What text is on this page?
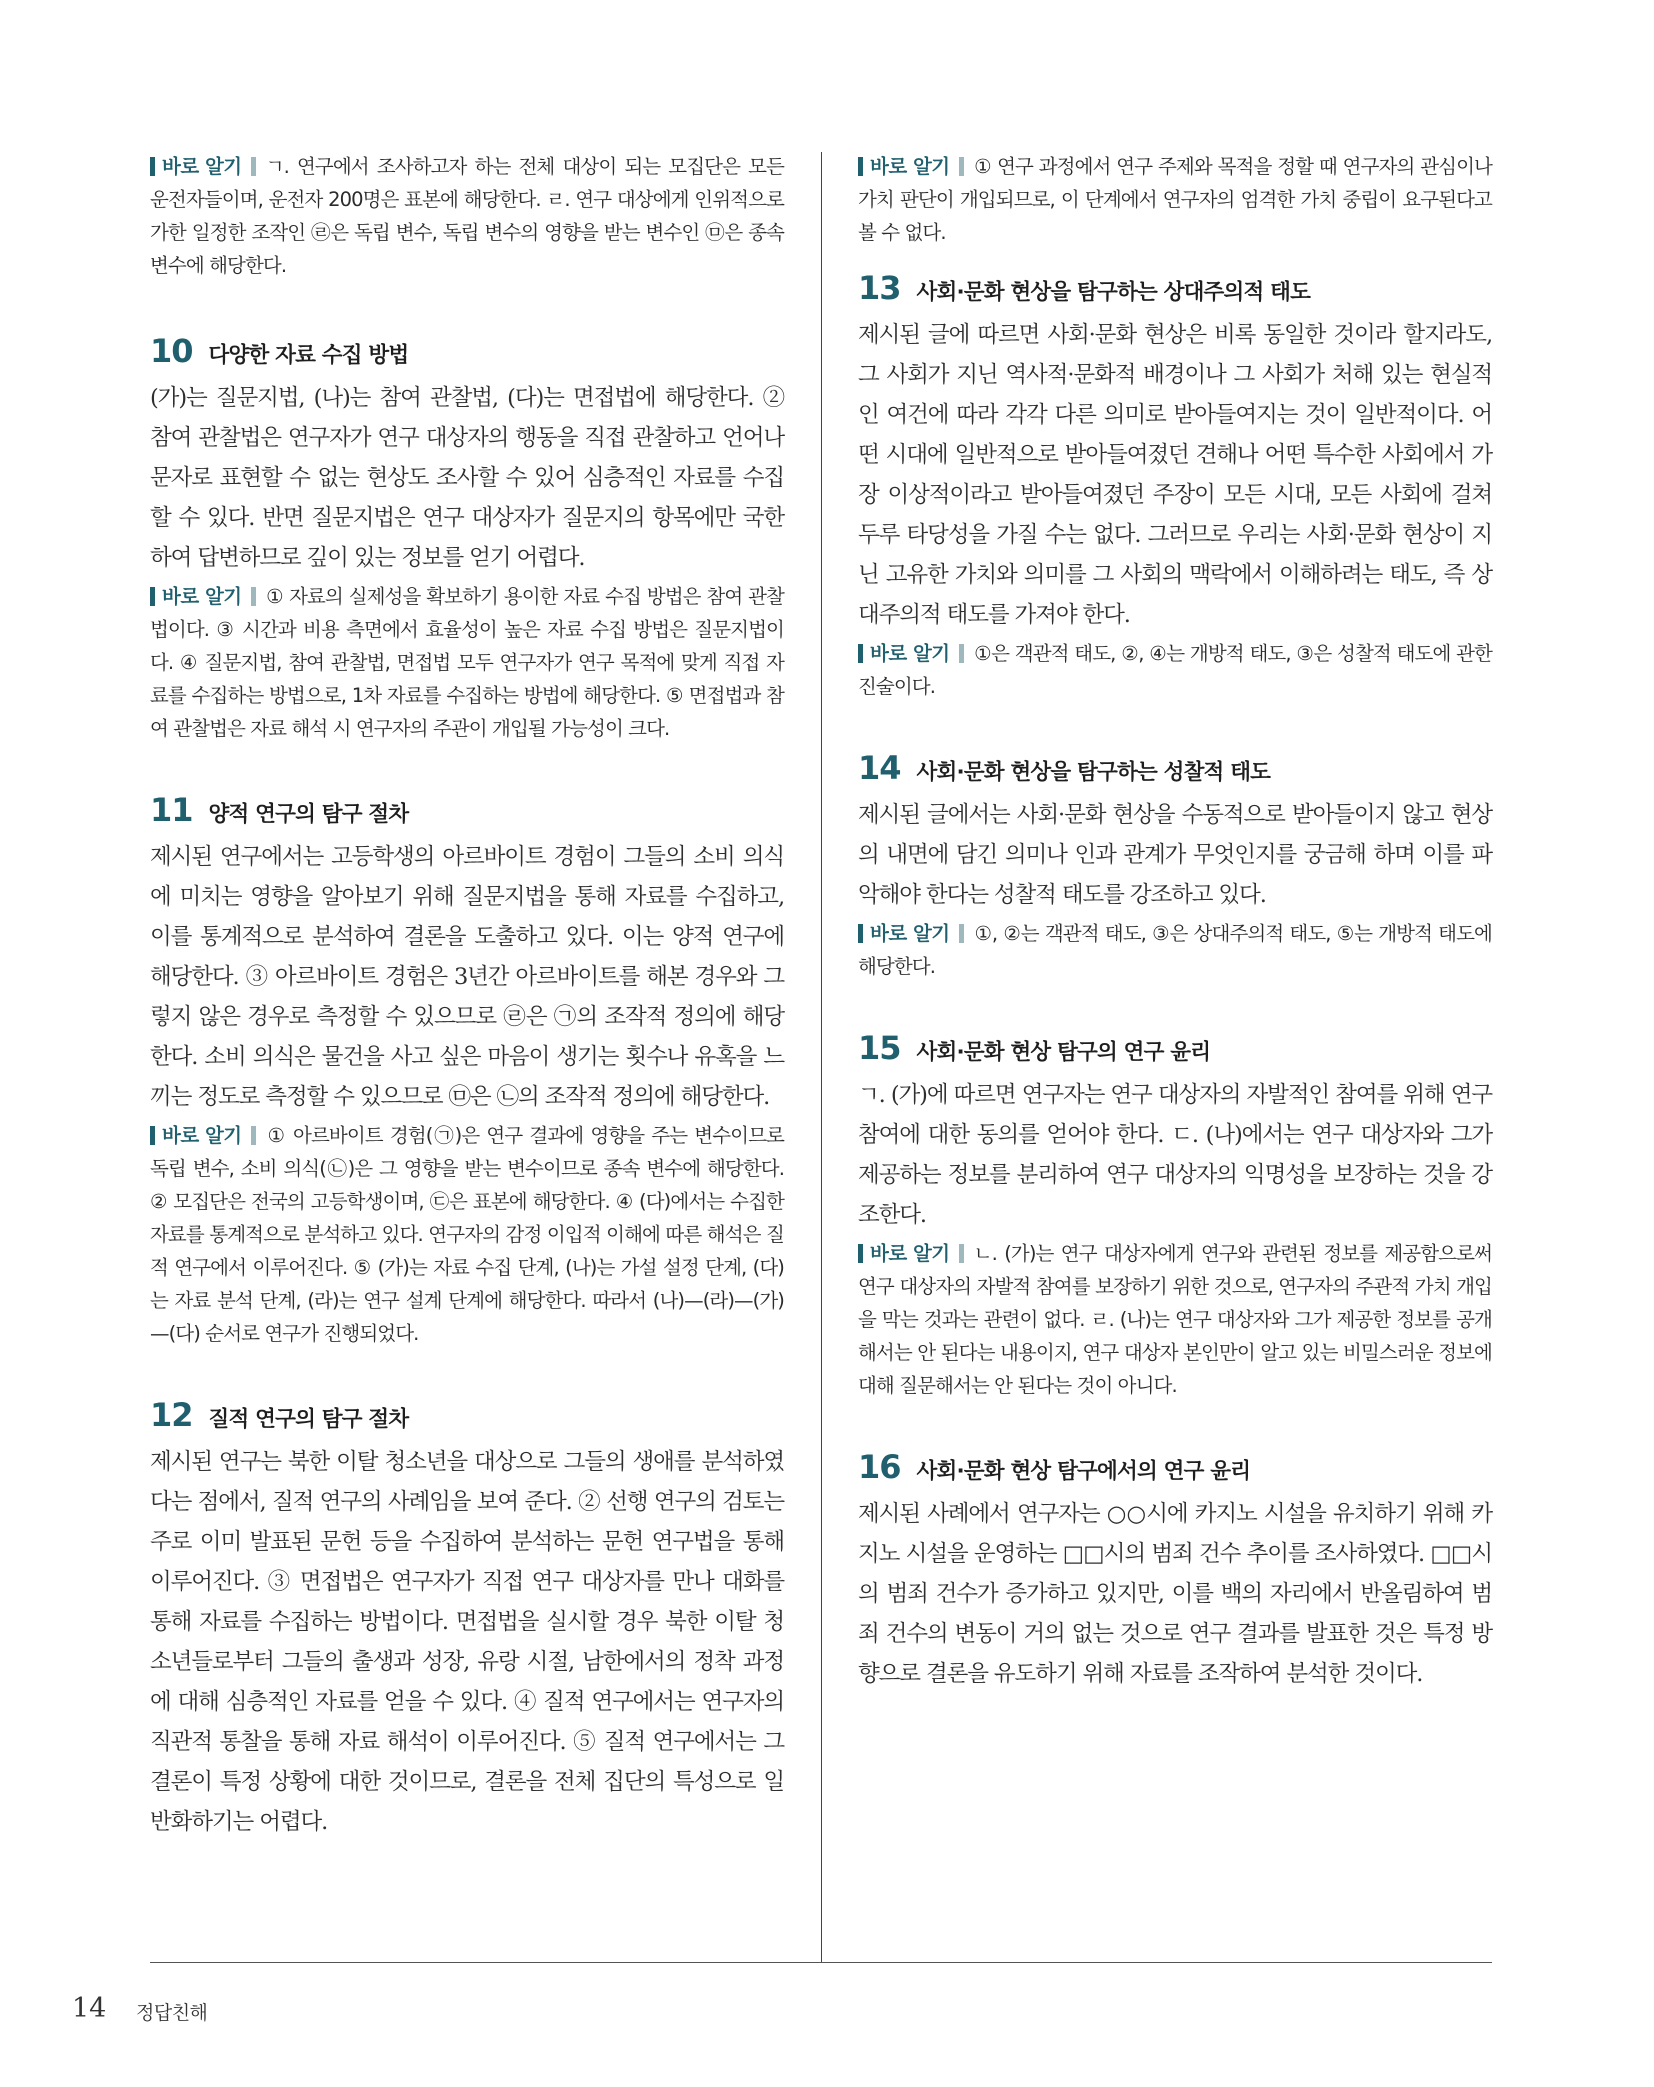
바로 알기 ㄱ. 연구에서 조사하고자 하는 전체 대상이 되는 모집단은 모든 운전자들이며, 운전자 200명은 표본에 해당한다. ㄹ. 연구 대상에게 인위적으로 가한 일정한 조작인 ㉣은 독립 변수, 독립 변수의 영향을 받는 변수인 ㉤은 종속 변수에 해당한다.

10 다양한 자료 수집 방법

(가)는 질문지법, (나)는 참여 관찰법, (다)는 면접법에 해당한다. ② 참여 관찰법은 연구자가 연구 대상자의 행동을 직접 관찰하고 언어나 문자로 표현할 수 없는 현상도 조사할 수 있어 심층적인 자료를 수집할 수 있다. 반면 질문지법은 연구 대상자가 질문지의 항목에만 국한하여 답변하므로 깊이 있는 정보를 얻기 어렵다.

바로 알기 ① 자료의 실제성을 확보하기 용이한 자료 수집 방법은 참여 관찰법이다. ③ 시간과 비용 측면에서 효율성이 높은 자료 수집 방법은 질문지법이다. ④ 질문지법, 참여 관찰법, 면접법 모두 연구자가 연구 목적에 맞게 직접 자료를 수집하는 방법으로, 1차 자료를 수집하는 방법에 해당한다. ⑤ 면접법과 참여 관찰법은 자료 해석 시 연구자의 주관이 개입될 가능성이 크다.

11 양적 연구의 탐구 절차

제시된 연구에서는 고등학생의 아르바이트 경험이 그들의 소비 의식에 미치는 영향을 알아보기 위해 질문지법을 통해 자료를 수집하고, 이를 통계적으로 분석하여 결론을 도출하고 있다. 이는 양적 연구에 해당한다. ③ 아르바이트 경험은 3년간 아르바이트를 해본 경우와 그렇지 않은 경우로 측정할 수 있으므로 ㉣은 ㉠의 조작적 정의에 해당한다. 소비 의식은 물건을 사고 싶은 마음이 생기는 횟수나 유혹을 느끼는 정도로 측정할 수 있으므로 ㉤은 ㉡의 조작적 정의에 해당한다.

바로 알기 ① 아르바이트 경험(㉠)은 연구 결과에 영향을 주는 변수이므로 독립 변수, 소비 의식(㉡)은 그 영향을 받는 변수이므로 종속 변수에 해당한다. ② 모집단은 전국의 고등학생이며, ㉢은 표본에 해당한다. ④ (다)에서는 수집한 자료를 통계적으로 분석하고 있다. 연구자의 감정 이입적 이해에 따른 해석은 질적 연구에서 이루어진다. ⑤ (가)는 자료 수집 단계, (나)는 가설 설정 단계, (다)는 자료 분석 단계, (라)는 연구 설계 단계에 해당한다. 따라서 (나)—(라)—(가)—(다) 순서로 연구가 진행되었다.

12 질적 연구의 탐구 절차

제시된 연구는 북한 이탈 청소년을 대상으로 그들의 생애를 분석하였다는 점에서, 질적 연구의 사례임을 보여 준다. ② 선행 연구의 검토는 주로 이미 발표된 문헌 등을 수집하여 분석하는 문헌 연구법을 통해 이루어진다. ③ 면접법은 연구자가 직접 연구 대상자를 만나 대화를 통해 자료를 수집하는 방법이다. 면접법을 실시할 경우 북한 이탈 청소년들로부터 그들의 출생과 성장, 유랑 시절, 남한에서의 정착 과정에 대해 심층적인 자료를 얻을 수 있다. ④ 질적 연구에서는 연구자의 직관적 통찰을 통해 자료 해석이 이루어진다. ⑤ 질적 연구에서는 그 결론이 특정 상황에 대한 것이므로, 결론을 전체 집단의 특성으로 일반화하기는 어렵다.

바로 알기 ① 연구 과정에서 연구 주제와 목적을 정할 때 연구자의 관심이나 가치 판단이 개입되므로, 이 단계에서 연구자의 엄격한 가치 중립이 요구된다고 볼 수 없다.

13 사회·문화 현상을 탐구하는 상대주의적 태도

제시된 글에 따르면 사회·문화 현상은 비록 동일한 것이라 할지라도, 그 사회가 지닌 역사적·문화적 배경이나 그 사회가 처해 있는 현실적인 여건에 따라 각각 다른 의미로 받아들여지는 것이 일반적이다. 어떤 시대에 일반적으로 받아들여졌던 견해나 어떤 특수한 사회에서 가장 이상적이라고 받아들여졌던 주장이 모든 시대, 모든 사회에 걸쳐 두루 타당성을 가질 수는 없다. 그러므로 우리는 사회·문화 현상이 지닌 고유한 가치와 의미를 그 사회의 맥락에서 이해하려는 태도, 즉 상대주의적 태도를 가져야 한다.

바로 알기 ①은 객관적 태도, ②, ④는 개방적 태도, ③은 성찰적 태도에 관한 진술이다.

14 사회·문화 현상을 탐구하는 성찰적 태도

제시된 글에서는 사회·문화 현상을 수동적으로 받아들이지 않고 현상의 내면에 담긴 의미나 인과 관계가 무엇인지를 궁금해 하며 이를 파악해야 한다는 성찰적 태도를 강조하고 있다.

바로 알기 ①, ②는 객관적 태도, ③은 상대주의적 태도, ⑤는 개방적 태도에 해당한다.

15 사회·문화 현상 탐구의 연구 윤리

ㄱ. (가)에 따르면 연구자는 연구 대상자의 자발적인 참여를 위해 연구 참여에 대한 동의를 얻어야 한다. ㄷ. (나)에서는 연구 대상자와 그가 제공하는 정보를 분리하여 연구 대상자의 익명성을 보장하는 것을 강조한다.

바로 알기 ㄴ. (가)는 연구 대상자에게 연구와 관련된 정보를 제공함으로써 연구 대상자의 자발적 참여를 보장하기 위한 것으로, 연구자의 주관적 가치 개입을 막는 것과는 관련이 없다. ㄹ. (나)는 연구 대상자와 그가 제공한 정보를 공개해서는 안 된다는 내용이지, 연구 대상자 본인만이 알고 있는 비밀스러운 정보에 대해 질문해서는 안 된다는 것이 아니다.

16 사회·문화 현상 탐구에서의 연구 윤리

제시된 사례에서 연구자는 ○○시에 카지노 시설을 유치하기 위해 카지노 시설을 운영하는 □□시의 범죄 건수 추이를 조사하였다. □□시의 범죄 건수가 증가하고 있지만, 이를 백의 자리에서 반올림하여 범죄 건수의 변동이 거의 없는 것으로 연구 결과를 발표한 것은 특정 방향으로 결론을 유도하기 위해 자료를 조작하여 분석한 것이다.

14 정답친해
